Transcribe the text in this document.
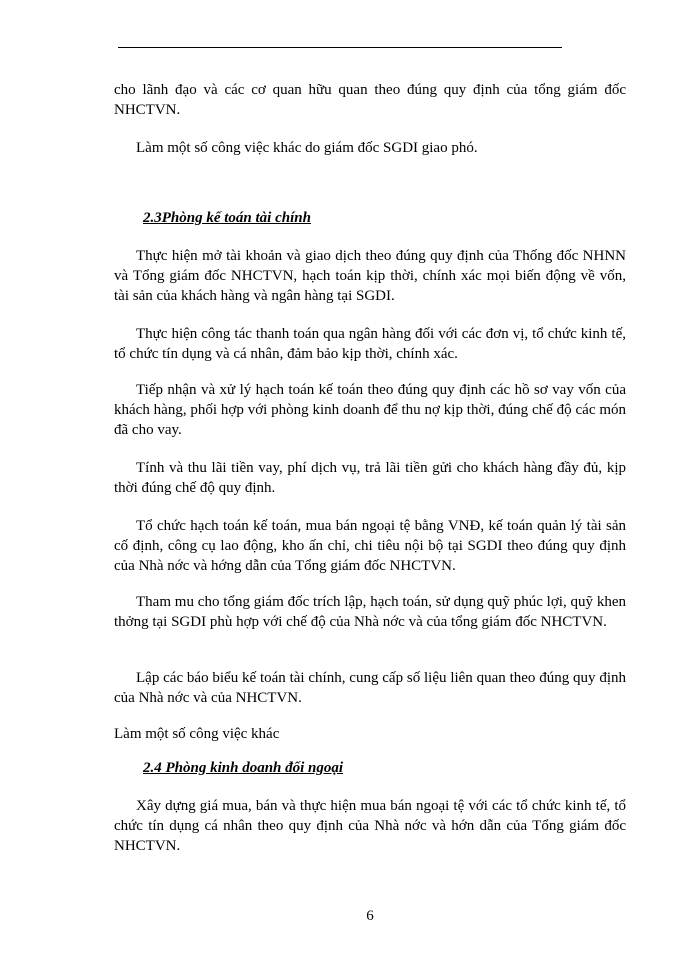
cho lãnh đạo và các cơ quan hữu quan theo đúng quy định của tổng giám đốc NHCTVN.

Làm một số công việc khác do giám đốc SGDI giao phó.

2.3Phòng kế toán tài chính

Thực hiện mở tài khoản và giao dịch theo đúng quy định của Thống đốc NHNN và Tổng giám đốc NHCTVN, hạch toán kịp thời, chính xác mọi biến động về vốn, tài sản của khách hàng và ngân hàng tại SGDI.

Thực hiện công tác thanh toán qua ngân hàng đối với các đơn vị, tổ chức kinh tế, tổ chức tín dụng và cá nhân, đảm bảo kịp thời, chính xác.

Tiếp nhận và xử lý hạch toán kế toán theo đúng quy định các hồ sơ vay vốn của khách hàng, phối hợp với phòng kinh doanh để thu nợ kịp thời, đúng chế độ các món đã cho vay.

Tính và thu lãi tiền vay, phí dịch vụ, trả lãi tiền gửi cho khách hàng đầy đủ, kịp thời đúng chế độ quy định.

Tổ chức hạch toán kế toán, mua bán ngoại tệ bằng VNĐ, kế toán quản lý tài sản cố định, công cụ lao động, kho ấn chỉ, chi tiêu nội bộ tại SGDI theo đúng quy định của Nhà nớc và hớng dẫn của Tổng giám đốc NHCTVN.

Tham mu cho tổng giám đốc trích lập, hạch toán, sử dụng quỹ phúc lợi, quỹ khen thởng tại SGDI phù hợp với chế độ của Nhà nớc và của tổng giám đốc NHCTVN.

Lập các báo biểu kế toán tài chính, cung cấp số liệu liên quan theo đúng quy định của Nhà nớc và của NHCTVN.

Làm một số công việc khác

2.4 Phòng kinh doanh đối ngoại

Xây dựng giá mua, bán và thực hiện mua bán ngoại tệ với các tổ chức kinh tế, tổ chức tín dụng cá nhân theo quy định của Nhà nớc và hớn dẫn của Tổng giám đốc NHCTVN.

6
